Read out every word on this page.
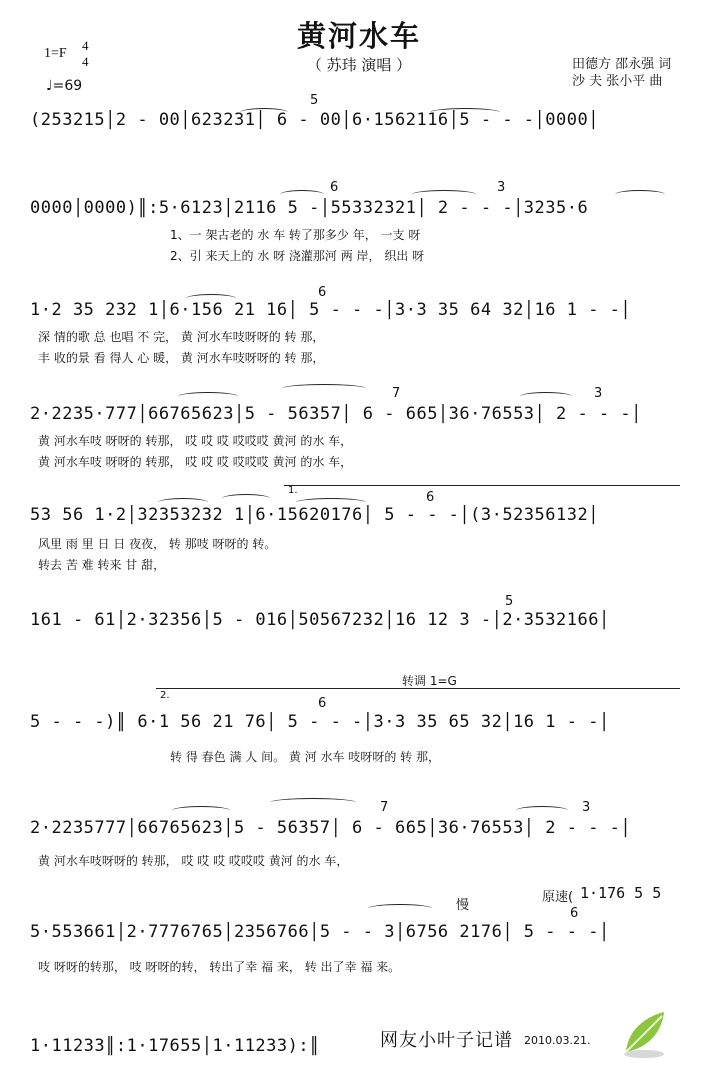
黄河水车
（ 苏玮 演唱 ）
1=F
4
4
♩=69
田德方 邵永强 词
沙 夫 张小平 曲
5
(253215│2 - 00│623231│ 6 - 00│6·1562116│5 - - -│0000│
6	3
0000│0000)║:5·6123│2116 5 -│55332321│ 2 - - -│3235·6
1、一 架古老的 水 车 转了那多少 年， 一支 呀
2、引 来天上的 水 呀 浇灌那河 两 岸， 织出 呀
6
1·2 35 232 1│6·156 21 16│ 5 - - -│3·3 35 64 32│16 1 - -│
深 情的歌 总 也唱 不 完， 黄 河水车吱呀呀的 转 那，
丰 收的景 看 得人 心 暖， 黄 河水车吱呀呀的 转 那，
7	3
2·2235·777│66765623│5 - 56357│ 6 - 665│36·76553│ 2 - - -│
黄 河水车吱 呀呀的 转那， 哎 哎 哎 哎哎哎 黄河 的水 车，
黄 河水车吱 呀呀的 转那， 哎 哎 哎 哎哎哎 黄河 的水 车，
1.	6
53 56 1·2│32353232 1│6·15620176│ 5 - - -│(3·52356132│
风里 雨 里 日 日 夜夜， 转 那吱 呀呀的 转。
转去 苦 难 转来 甘 甜，
5
161 - 61│2·32356│5 - 016│50567232│16 12 3 -│2·3532166│
转调 1=G
2.
6
5 - - -)║ 6·1 56 21 76│ 5 - - -│3·3 35 65 32│16 1 - -│
转 得 春色 满 人 间。 黄 河 水车 吱呀呀的 转 那，
7	3
2·2235777│66765623│5 - 56357│ 6 - 665│36·76553│ 2 - - -│
黄 河水车吱呀呀的 转那， 哎 哎 哎 哎哎哎 黄河 的水 车，
慢
原速( 1·176 5 5
6
5·553661│2·7776765│2356766│5 - - 3│6756 2176│ 5 - - -│
吱 呀呀的转那， 吱 呀呀的转， 转出了幸 福 来， 转 出了幸 福 来。
1·11233║:1·17655│1·11233):║	网友小叶子记谱 2010.03.21.
